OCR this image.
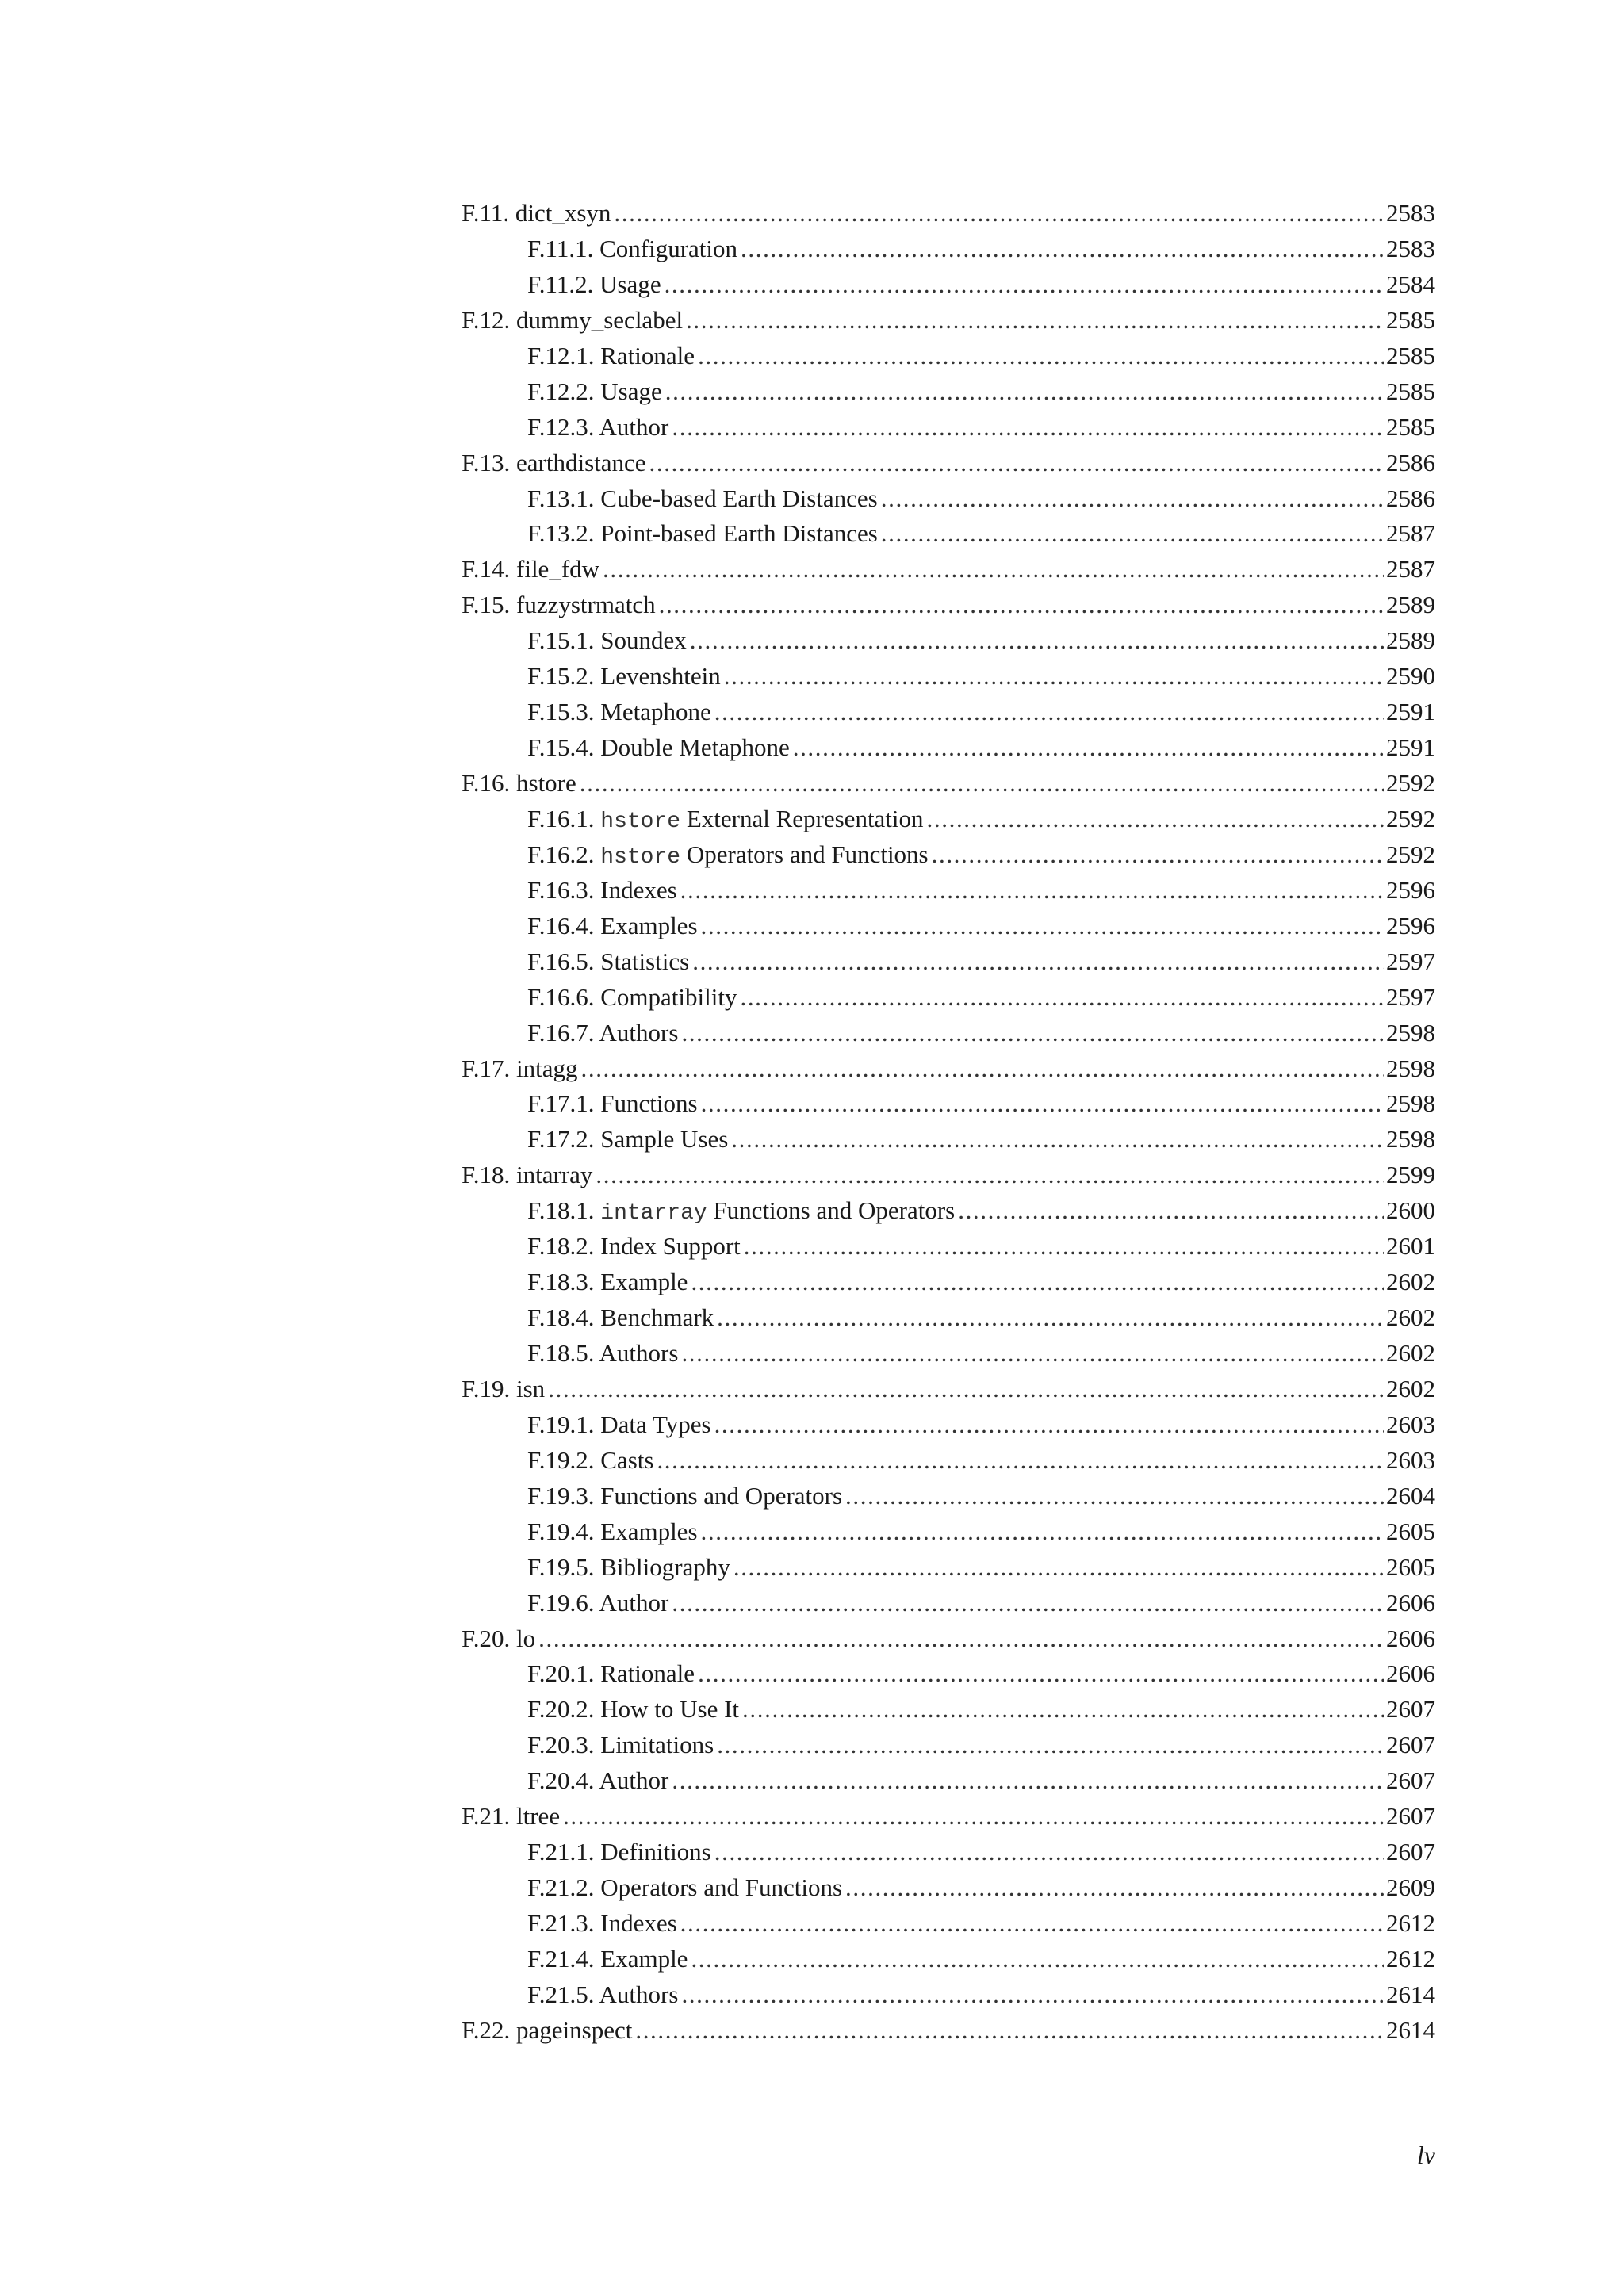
F.11. dict_xsyn .....	2583
F.11.1. Configuration .....	2583
F.11.2. Usage .....	2584
F.12. dummy_seclabel .....	2585
F.12.1. Rationale .....	2585
F.12.2. Usage .....	2585
F.12.3. Author .....	2585
F.13. earthdistance .....	2586
F.13.1. Cube-based Earth Distances .....	2586
F.13.2. Point-based Earth Distances .....	2587
F.14. file_fdw .....	2587
F.15. fuzzystrmatch .....	2589
F.15.1. Soundex .....	2589
F.15.2. Levenshtein .....	2590
F.15.3. Metaphone .....	2591
F.15.4. Double Metaphone .....	2591
F.16. hstore .....	2592
F.16.1. hstore External Representation .....	2592
F.16.2. hstore Operators and Functions .....	2592
F.16.3. Indexes .....	2596
F.16.4. Examples .....	2596
F.16.5. Statistics .....	2597
F.16.6. Compatibility .....	2597
F.16.7. Authors .....	2598
F.17. intagg .....	2598
F.17.1. Functions .....	2598
F.17.2. Sample Uses .....	2598
F.18. intarray .....	2599
F.18.1. intarray Functions and Operators .....	2600
F.18.2. Index Support .....	2601
F.18.3. Example .....	2602
F.18.4. Benchmark .....	2602
F.18.5. Authors .....	2602
F.19. isn .....	2602
F.19.1. Data Types .....	2603
F.19.2. Casts .....	2603
F.19.3. Functions and Operators .....	2604
F.19.4. Examples .....	2605
F.19.5. Bibliography .....	2605
F.19.6. Author .....	2606
F.20. lo .....	2606
F.20.1. Rationale .....	2606
F.20.2. How to Use It .....	2607
F.20.3. Limitations .....	2607
F.20.4. Author .....	2607
F.21. ltree .....	2607
F.21.1. Definitions .....	2607
F.21.2. Operators and Functions .....	2609
F.21.3. Indexes .....	2612
F.21.4. Example .....	2612
F.21.5. Authors .....	2614
F.22. pageinspect .....	2614
lv
